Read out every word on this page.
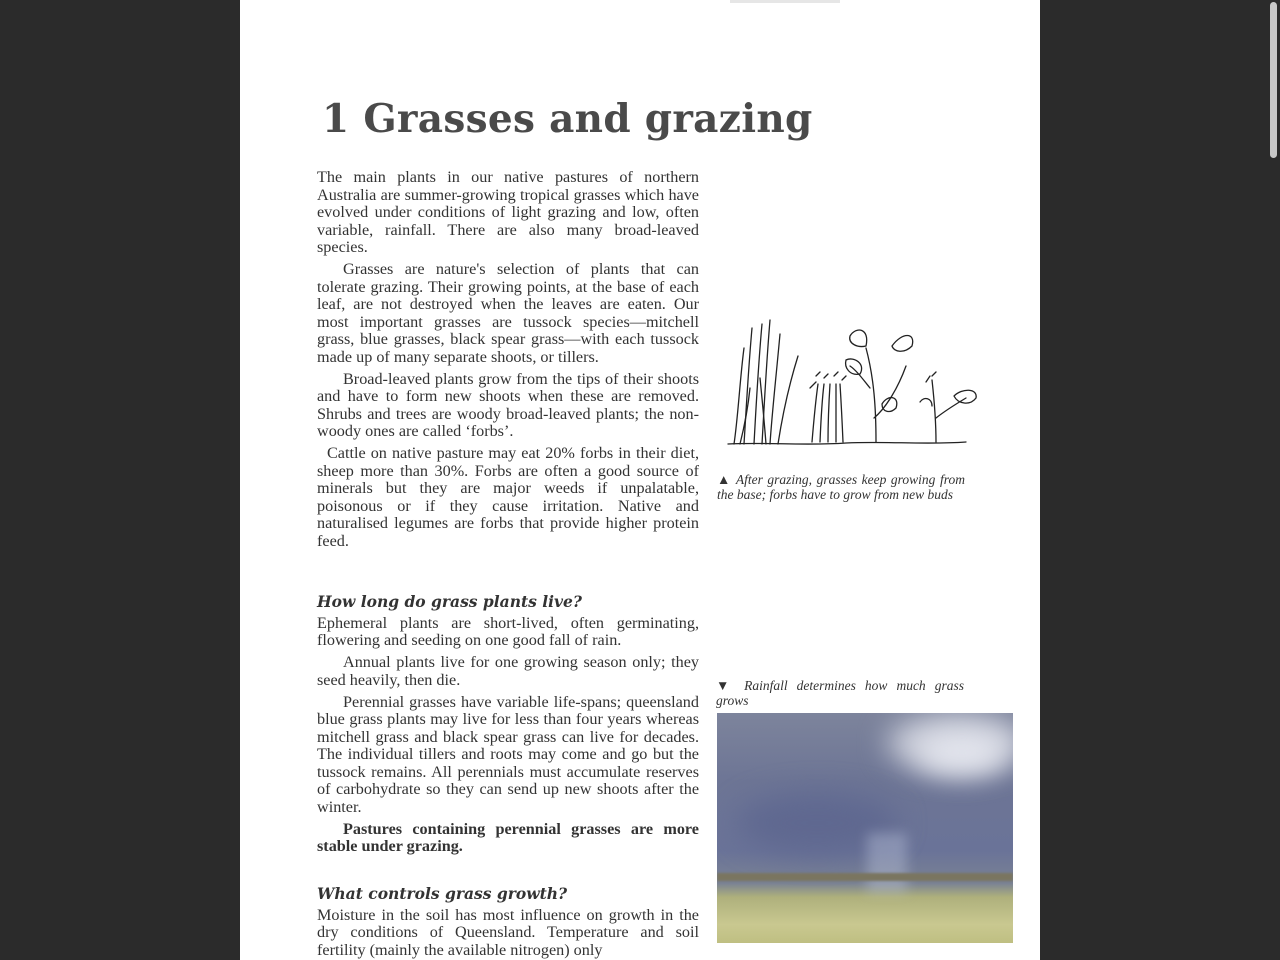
1 Grasses and grazing

The main plants in our native pastures of northern Australia are summer-growing tropical grasses which have evolved under conditions of light grazing and low, often variable, rainfall. There are also many broad-leaved species.

Grasses are nature's selection of plants that can tolerate grazing. Their growing points, at the base of each leaf, are not destroyed when the leaves are eaten. Our most important grasses are tussock species—mitchell grass, blue grasses, black spear grass—with each tussock made up of many separate shoots, or tillers.

Broad-leaved plants grow from the tips of their shoots and have to form new shoots when these are removed. Shrubs and trees are woody broad-leaved plants; the non-woody ones are called ‘forbs’.

Cattle on native pasture may eat 20% forbs in their diet, sheep more than 30%. Forbs are often a good source of minerals but they are major weeds if unpalatable, poisonous or if they cause irritation. Native and naturalised legumes are forbs that provide higher protein feed.

How long do grass plants live?

Ephemeral plants are short-lived, often germinating, flowering and seeding on one good fall of rain.

Annual plants live for one growing season only; they seed heavily, then die.

Perennial grasses have variable life-spans; queensland blue grass plants may live for less than four years whereas mitchell grass and black spear grass can live for decades. The individual tillers and roots may come and go but the tussock remains. All perennials must accumulate reserves of carbohydrate so they can send up new shoots after the winter.

Pastures containing perennial grasses are more stable under grazing.

What controls grass growth?

Moisture in the soil has most influence on growth in the dry conditions of Queensland. Temperature and soil fertility (mainly the available nitrogen) only

▲ After grazing, grasses keep growing from the base; forbs have to grow from new buds
▼ Rainfall determines how much grass grows
